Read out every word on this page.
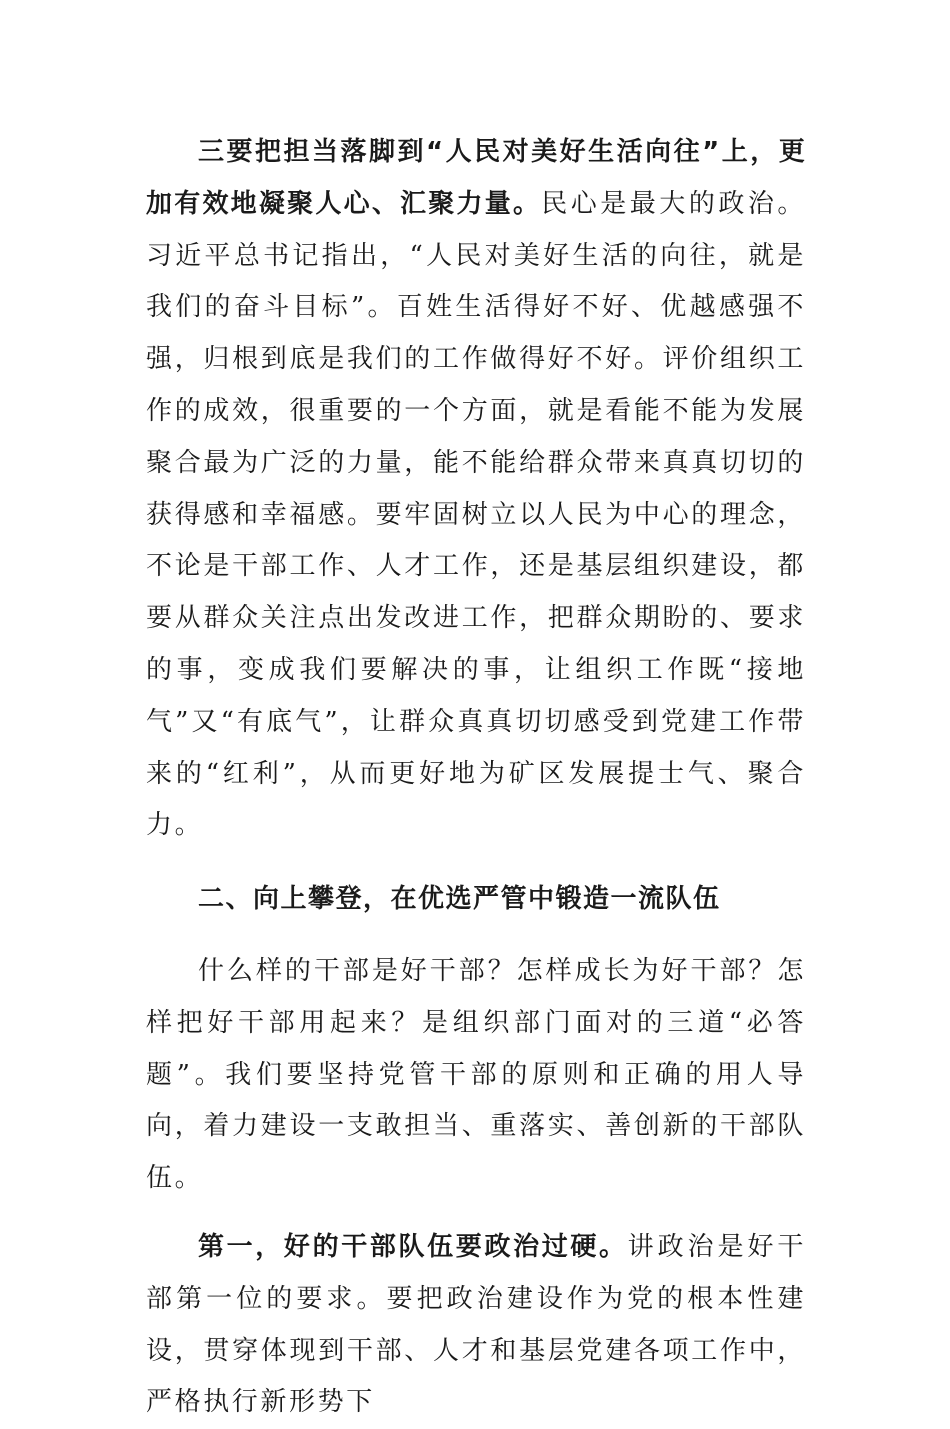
三要把担当落脚到“人民对美好生活向往”上，更加有效地凝聚人心、汇聚力量。民心是最大的政治。习近平总书记指出，“人民对美好生活的向往，就是我们的奋斗目标”。百姓生活得好不好、优越感强不强，归根到底是我们的工作做得好不好。评价组织工作的成效，很重要的一个方面，就是看能不能为发展聚合最为广泛的力量，能不能给群众带来真真切切的获得感和幸福感。要牢固树立以人民为中心的理念，不论是干部工作、人才工作，还是基层组织建设，都要从群众关注点出发改进工作，把群众期盼的、要求的事，变成我们要解决的事，让组织工作既“接地气”又“有底气”，让群众真真切切感受到党建工作带来的“红利”，从而更好地为矿区发展提士气、聚合力。

二、向上攀登，在优选严管中锻造一流队伍

什么样的干部是好干部？怎样成长为好干部？怎样把好干部用起来？是组织部门面对的三道“必答题”。我们要坚持党管干部的原则和正确的用人导向，着力建设一支敢担当、重落实、善创新的干部队伍。

第一，好的干部队伍要政治过硬。讲政治是好干部第一位的要求。要把政治建设作为党的根本性建设，贯穿体现到干部、人才和基层党建各项工作中，严格执行新形势下
